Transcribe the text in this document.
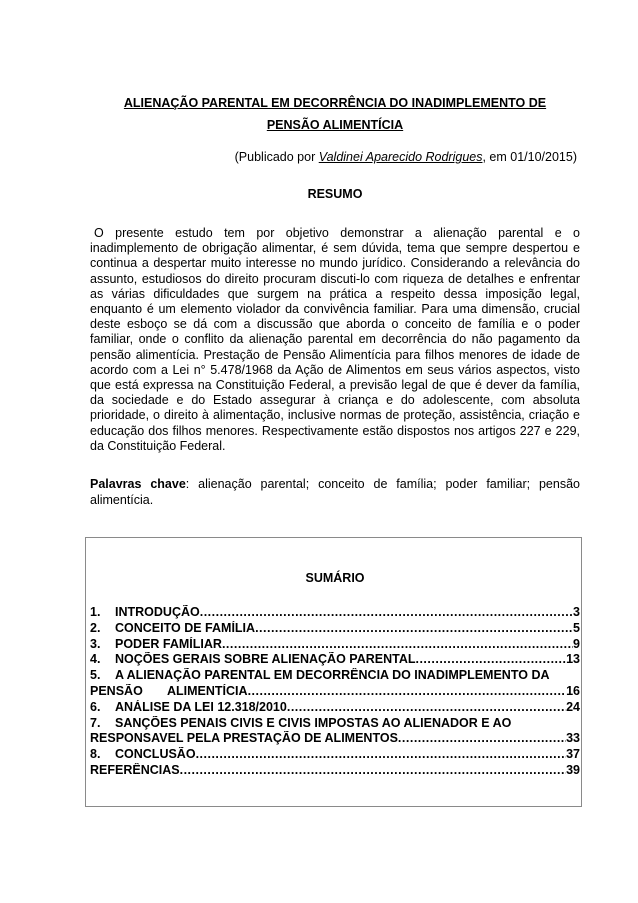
ALIENAÇÃO PARENTAL EM DECORRÊNCIA DO INADIMPLEMENTO DE
PENSÃO ALIMENTÍCIA
(Publicado por Valdinei Aparecido Rodrigues, em 01/10/2015)
RESUMO

O presente estudo tem por objetivo demonstrar a alienação parental e o inadimplemento de obrigação alimentar, é sem dúvida, tema que sempre despertou e continua a despertar muito interesse no mundo jurídico. Considerando a relevância do assunto, estudiosos do direito procuram discuti-lo com riqueza de detalhes e enfrentar as várias dificuldades que surgem na prática a respeito dessa imposição legal, enquanto é um elemento violador da convivência familiar. Para uma dimensão, crucial deste esboço se dá com a discussão que aborda o conceito de família e o poder familiar, onde o conflito da alienação parental em decorrência do não pagamento da pensão alimentícia. Prestação de Pensão Alimentícia para filhos menores de idade de acordo com a Lei n° 5.478/1968 da Ação de Alimentos em seus vários aspectos, visto que está expressa na Constituição Federal, a previsão legal de que é dever da família, da sociedade e do Estado assegurar à criança e do adolescente, com absoluta prioridade, o direito à alimentação, inclusive normas de proteção, assistência, criação e educação dos filhos menores. Respectivamente estão dispostos nos artigos 227 e 229, da Constituição Federal.

Palavras chave: alienação parental; conceito de família; poder familiar; pensão alimentícia.

SUMÁRIO
1.	INTRODUÇÃO .....	3
2.	CONCEITO DE FAMÍLIA .....	5
3.	PODER FAMÍLIAR .....	9
4.	NOÇÕES GERAIS SOBRE ALIENAÇÃO PARENTAL .....	13
5.	A ALIENAÇÃO PARENTAL EM DECORRÊNCIA DO INADIMPLEMENTO DA
PENSÃO ALIMENTÍCIA .....	16
6.	ANÁLISE DA LEI 12.318/2010 .....	24
7.	SANÇÕES PENAIS CIVIS E CIVIS IMPOSTAS AO ALIENADOR E AO
RESPONSAVEL PELA PRESTAÇÃO DE ALIMENTOS .....	33
8.	CONCLUSÃO .....	37
REFERÊNCIAS .....	39
